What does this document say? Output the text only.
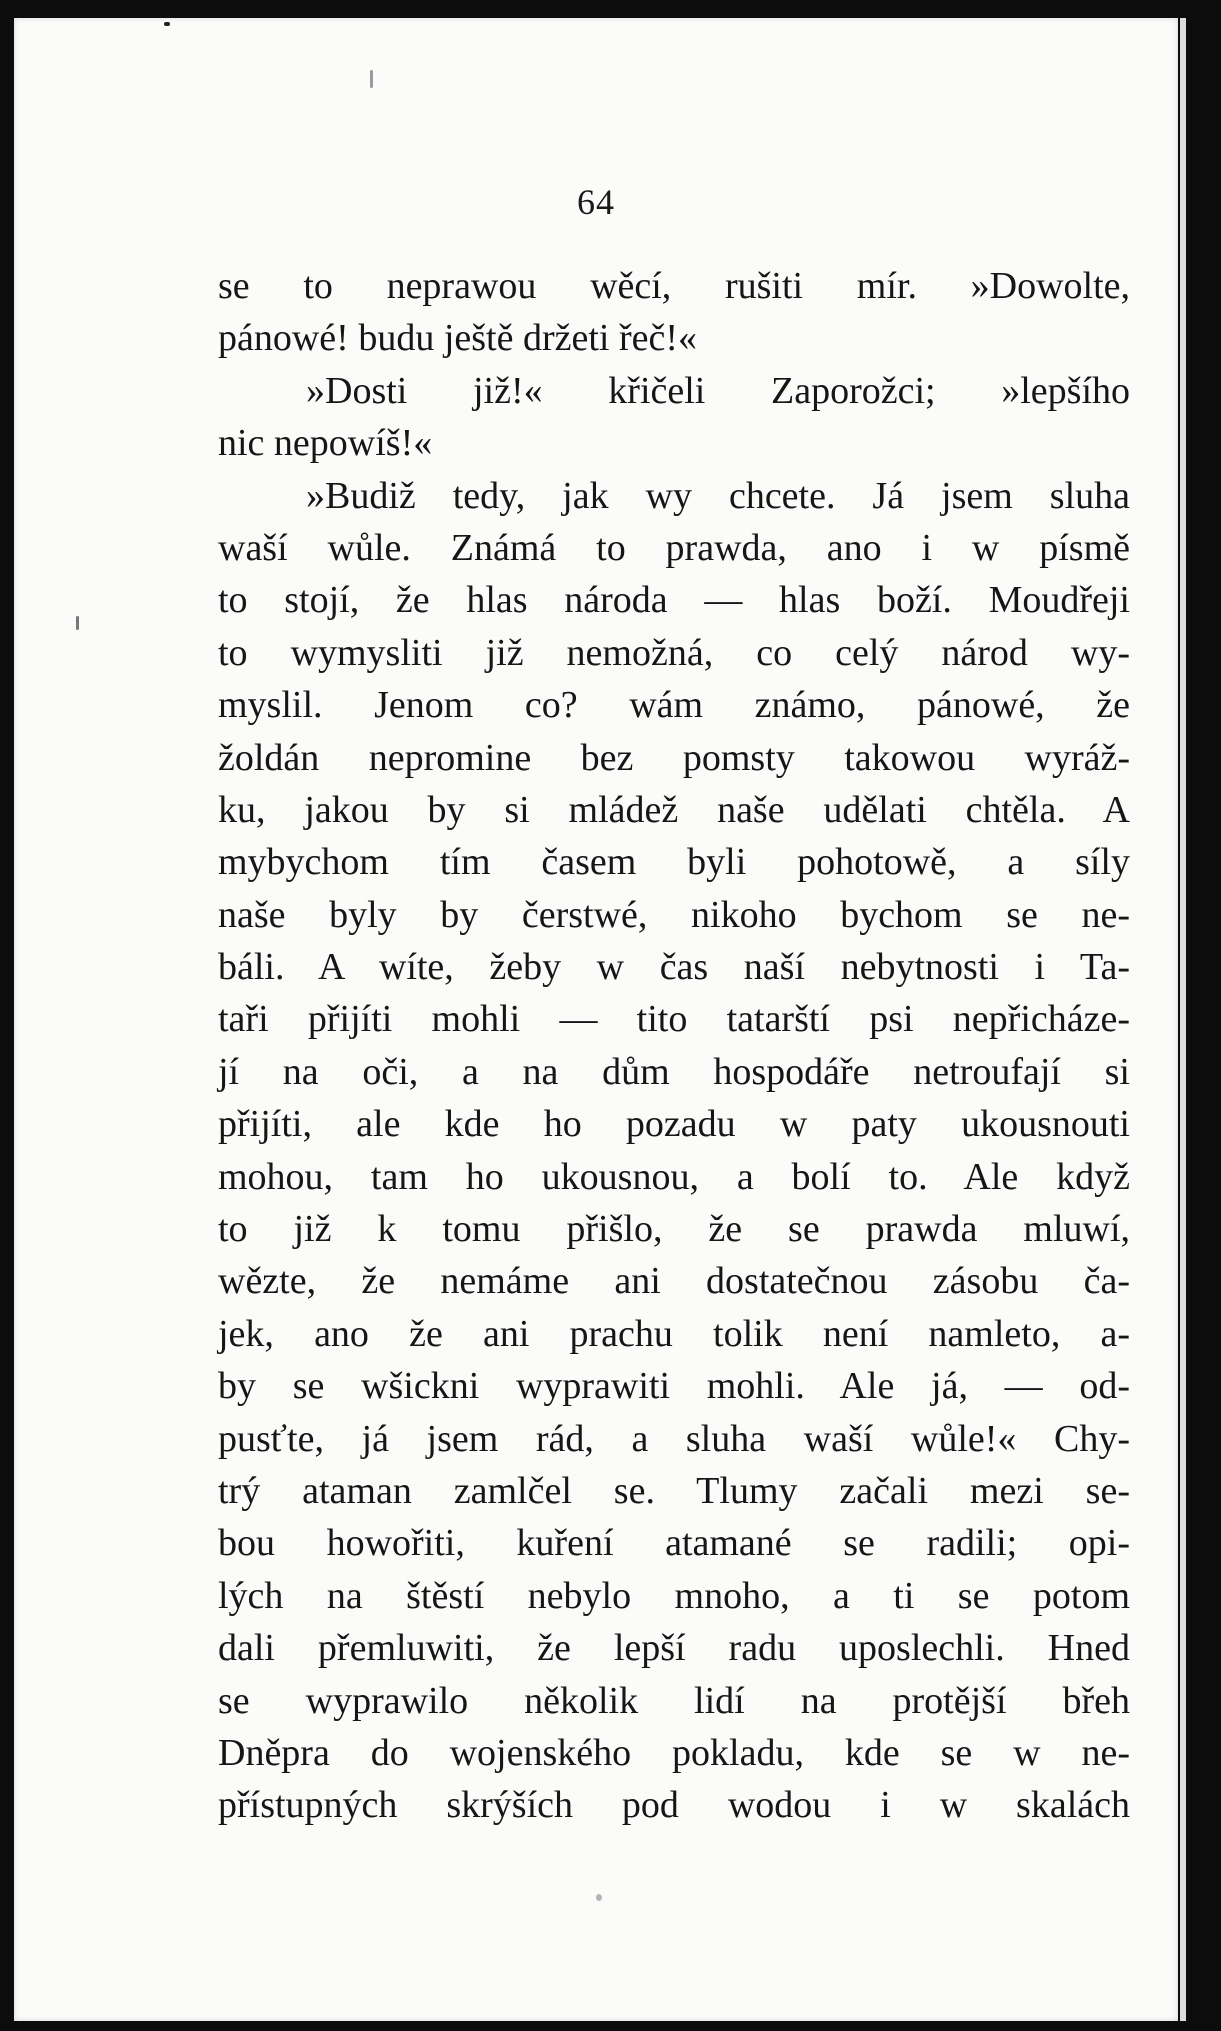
64
se to neprawou wěcí, rušiti mír. »Dowolte,
pánowé! budu ještě držeti řeč!«
»Dosti již!« křičeli Zaporožci; »lepšího
nic nepowíš!«
»Budiž tedy, jak wy chcete. Já jsem sluha
waší wůle. Známá to prawda, ano i w písmě
to stojí, že hlas národa — hlas boží. Moudřeji
to wymysliti již nemožná, co celý národ wy-
myslil. Jenom co? wám známo, pánowé, že
žoldán nepromine bez pomsty takowou wyráž-
ku, jakou by si mládež naše udělati chtěla. A
mybychom tím časem byli pohotowě, a síly
naše byly by čerstwé, nikoho bychom se ne-
báli. A wíte, žeby w čas naší nebytnosti i Ta-
taři přijíti mohli — tito tatarští psi nepřicháze-
jí na oči, a na dům hospodáře netroufají si
přijíti, ale kde ho pozadu w paty ukousnouti
mohou, tam ho ukousnou, a bolí to. Ale když
to již k tomu přišlo, že se prawda mluwí,
wězte, že nemáme ani dostatečnou zásobu ča-
jek, ano že ani prachu tolik není namleto, a-
by se wšickni wyprawiti mohli. Ale já, — od-
pusťte, já jsem rád, a sluha waší wůle!« Chy-
trý ataman zamlčel se. Tlumy začali mezi se-
bou howořiti, kuření atamané se radili; opi-
lých na štěstí nebylo mnoho, a ti se potom
dali přemluwiti, že lepší radu uposlechli. Hned
se wyprawilo několik lidí na protější břeh
Dněpra do wojenského pokladu, kde se w ne-
přístupných skrýších pod wodou i w skalách
